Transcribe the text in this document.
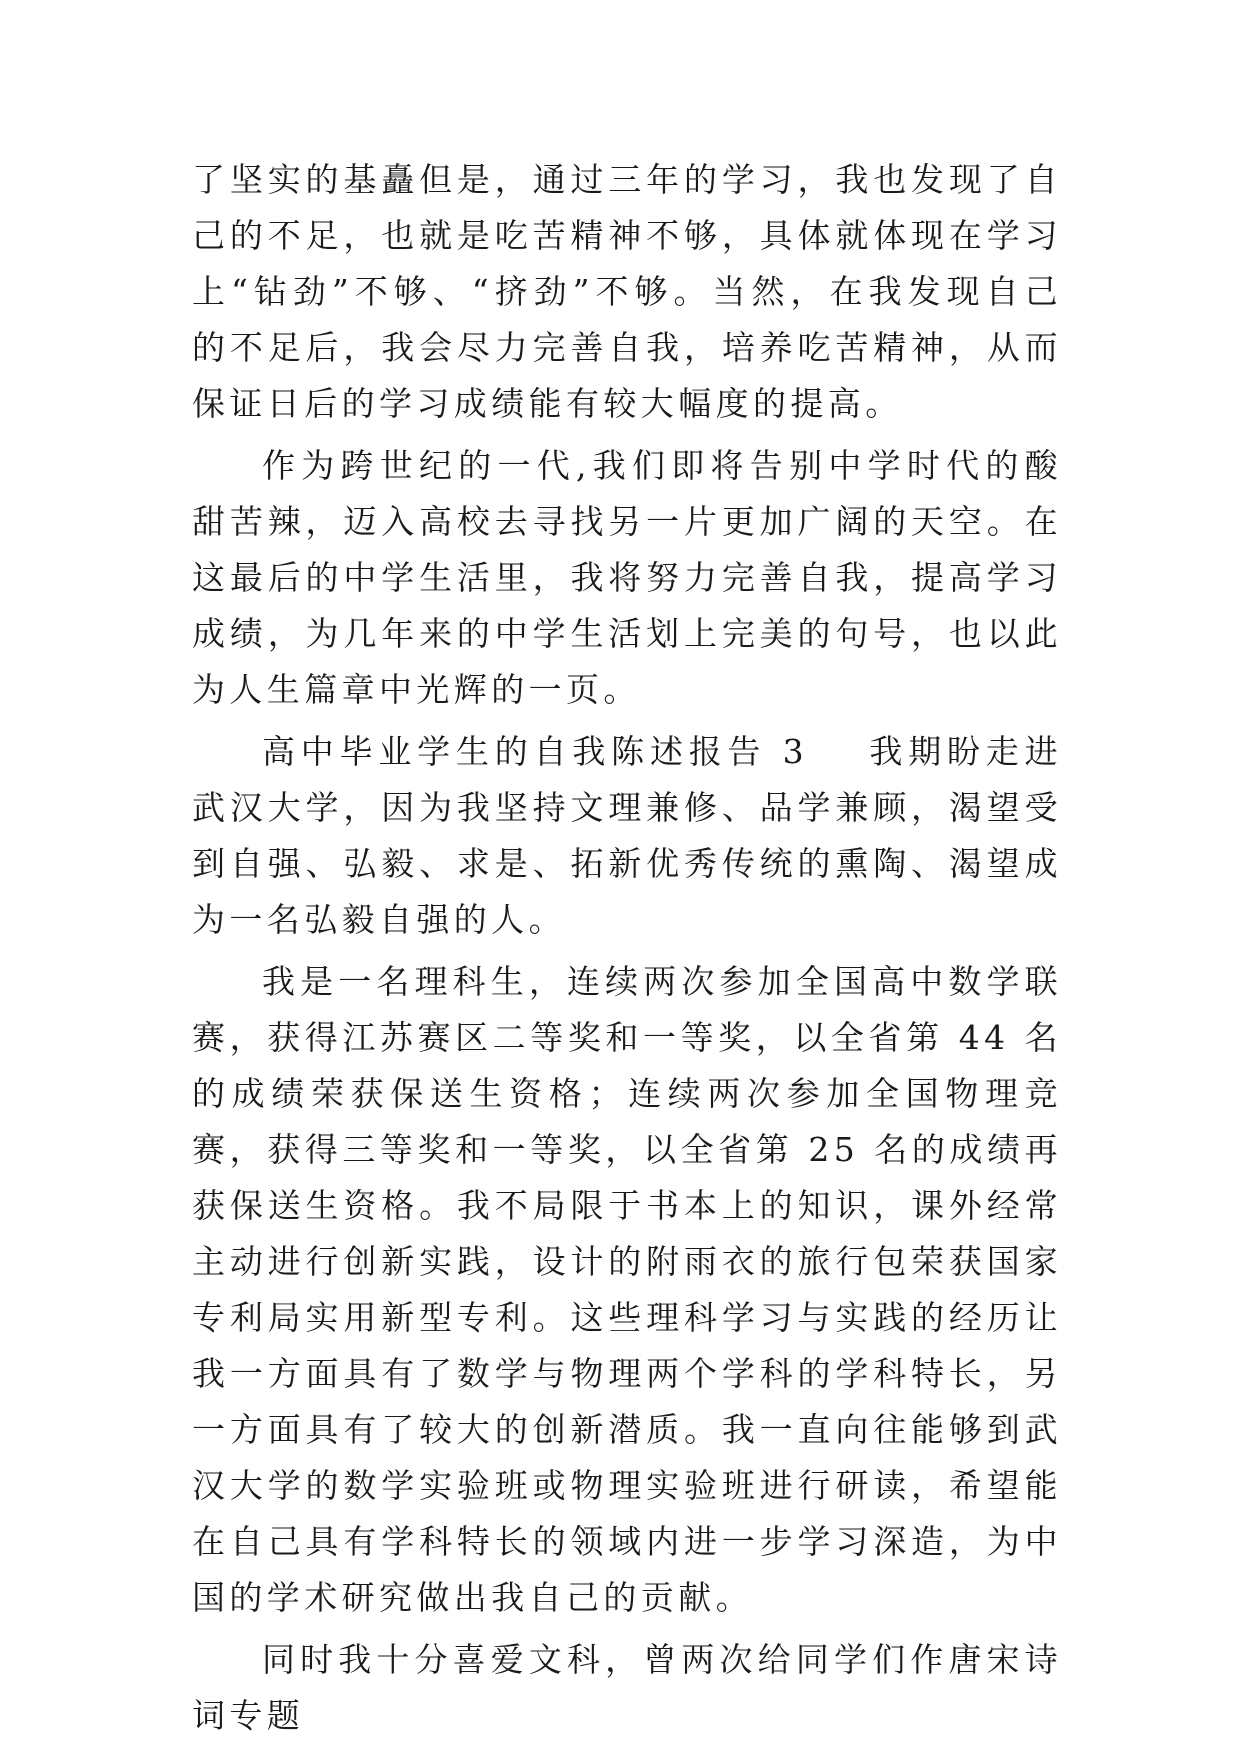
了坚实的基矗但是，通过三年的学习，我也发现了自己的不足，也就是吃苦精神不够，具体就体现在学习上“钻劲”不够、“挤劲”不够。当然，在我发现自己的不足后，我会尽力完善自我，培养吃苦精神，从而保证日后的学习成绩能有较大幅度的提高。

作为跨世纪的一代,我们即将告别中学时代的酸甜苦辣，迈入高校去寻找另一片更加广阔的天空。在这最后的中学生活里，我将努力完善自我，提高学习成绩，为几年来的中学生活划上完美的句号，也以此为人生篇章中光辉的一页。

高中毕业学生的自我陈述报告 3 我期盼走进武汉大学，因为我坚持文理兼修、品学兼顾，渴望受到自强、弘毅、求是、拓新优秀传统的熏陶、渴望成为一名弘毅自强的人。

我是一名理科生，连续两次参加全国高中数学联赛，获得江苏赛区二等奖和一等奖，以全省第 44 名的成绩荣获保送生资格；连续两次参加全国物理竞赛，获得三等奖和一等奖，以全省第 25 名的成绩再获保送生资格。我不局限于书本上的知识，课外经常主动进行创新实践，设计的附雨衣的旅行包荣获国家专利局实用新型专利。这些理科学习与实践的经历让我一方面具有了数学与物理两个学科的学科特长，另一方面具有了较大的创新潜质。我一直向往能够到武汉大学的数学实验班或物理实验班进行研读，希望能在自己具有学科特长的领域内进一步学习深造，为中国的学术研究做出我自己的贡献。

同时我十分喜爱文科，曾两次给同学们作唐宋诗词专题
